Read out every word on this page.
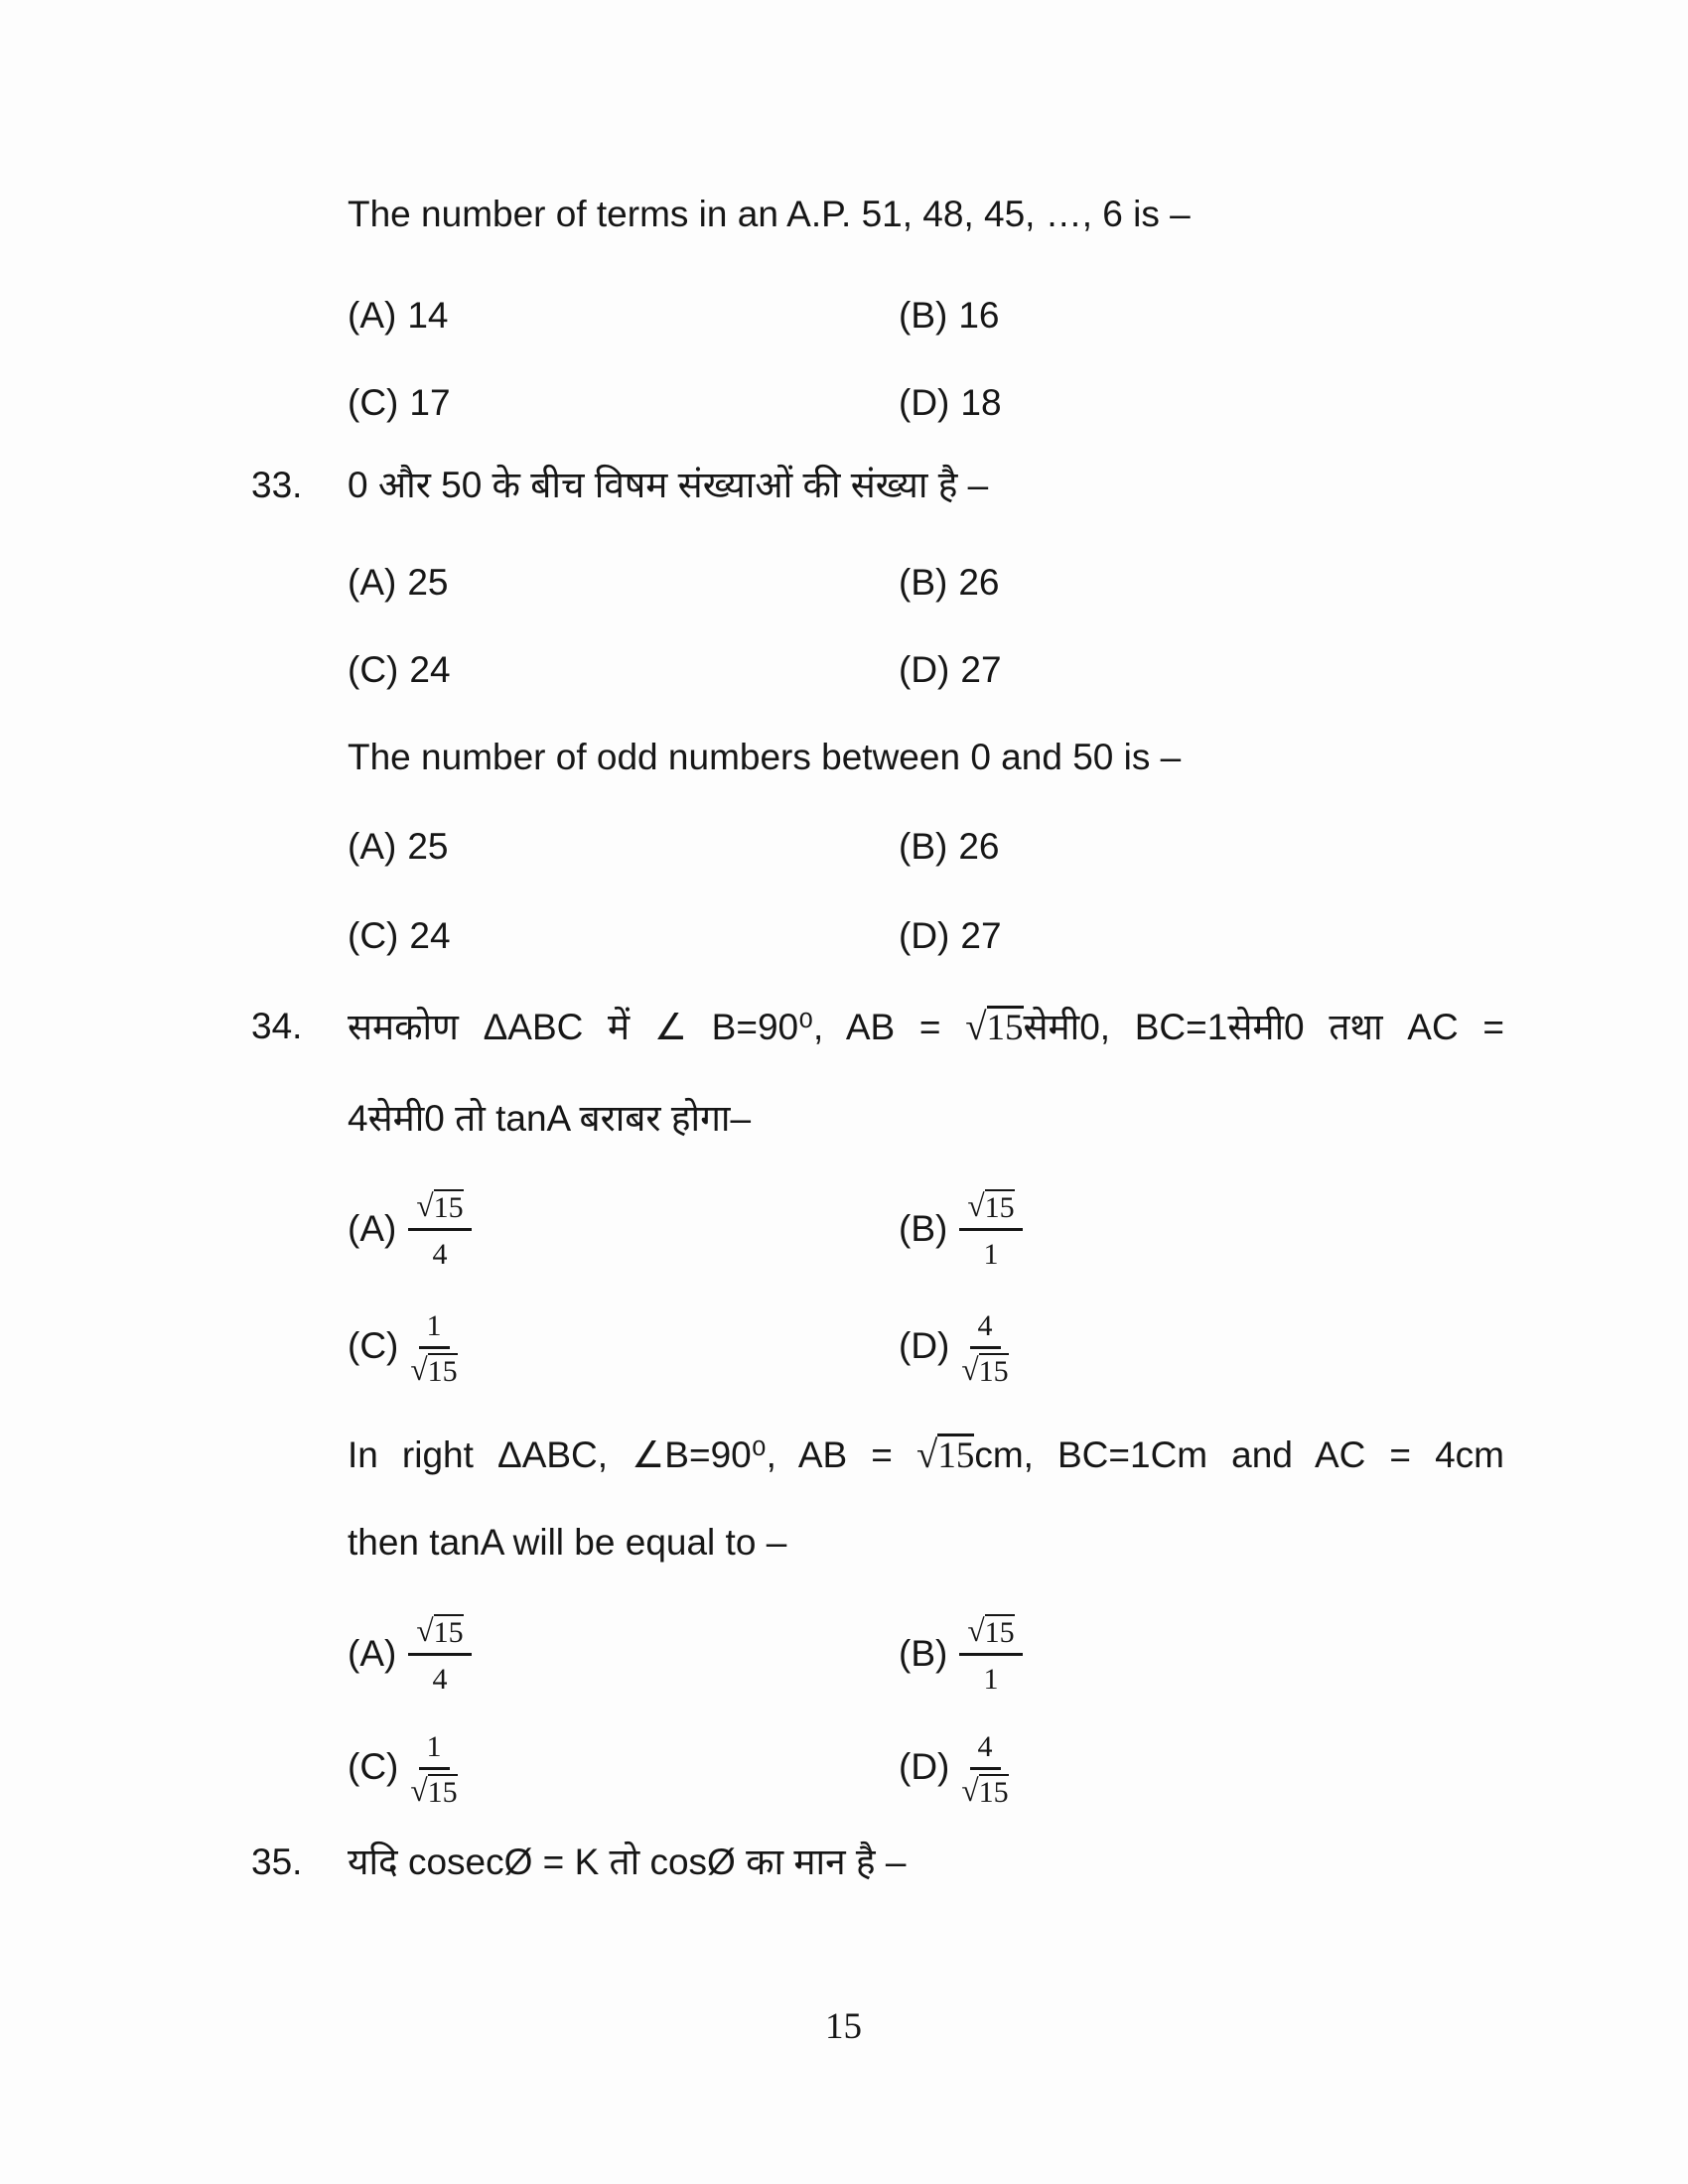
The number of terms in an A.P. 51, 48, 45, …, 6 is –
(A) 14	(B) 16
(C) 17	(D) 18
33. 0 और 50 के बीच विषम संख्याओं की संख्या है –
(A) 25	(B) 26
(C) 24	(D) 27
The number of odd numbers between 0 and 50 is –
(A) 25	(B) 26
(C) 24	(D) 27
34. समकोण ΔABC में ∠ B=90⁰, AB = √15सेमी0, BC=1सेमी0 तथा AC =
4सेमी0 तो tanA बराबर होगा–
$(A) \frac{√ 15}{4}$	$(B) \frac{√ 15}{1}$
$(C) \frac{1}{√ 15}$	$(D) \frac{4}{√ 15}$
In right ΔABC, ∠B=90⁰, AB = √15cm, BC=1Cm and AC = 4cm
then tanA will be equal to –
$(A) \frac{√ 15}{4}$	$(B) \frac{√ 15}{1}$
$(C) \frac{1}{√ 15}$	$(D) \frac{4}{√ 15}$
35. यदि cosecØ = K तो cosØ का मान है –
15
